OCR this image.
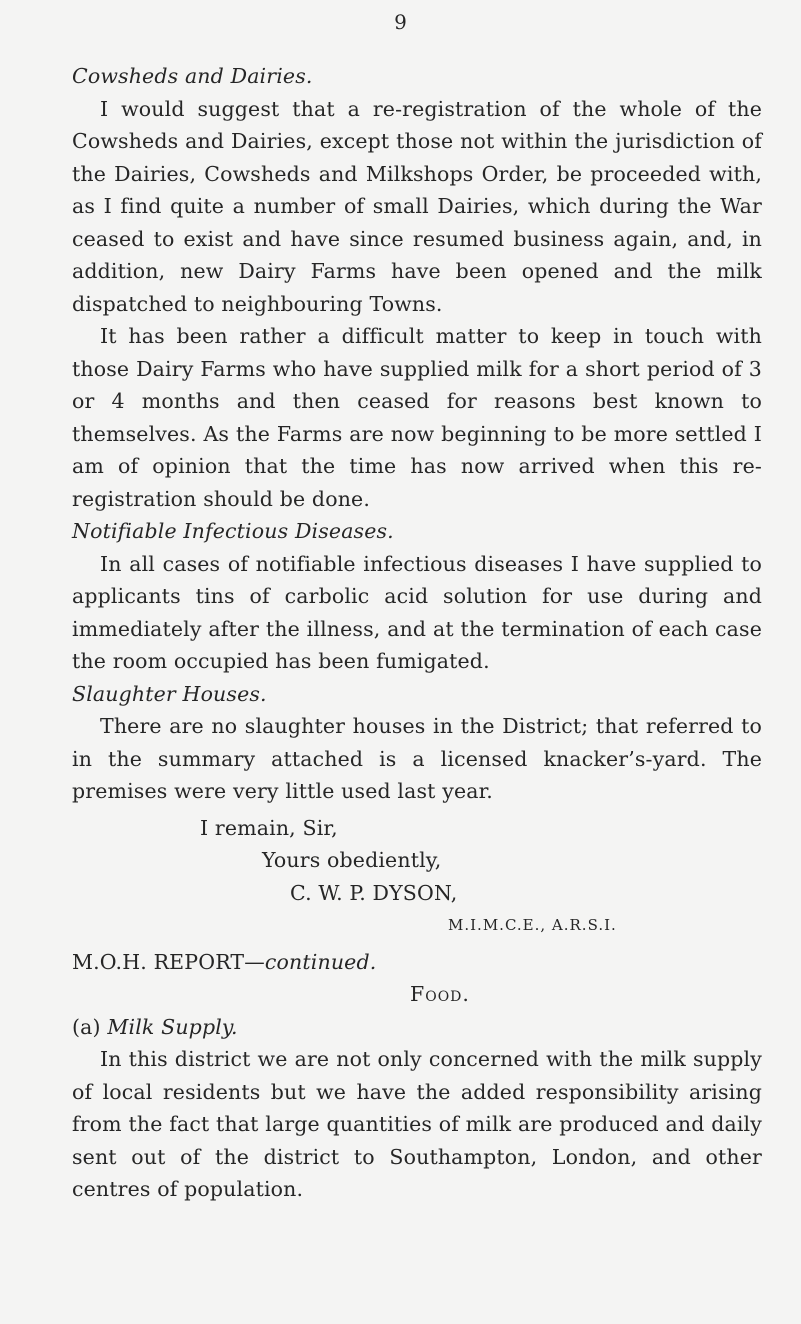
9

Cowsheds and Dairies.

I would suggest that a re-registration of the whole of the Cowsheds and Dairies, except those not within the jurisdiction of the Dairies, Cowsheds and Milkshops Order, be proceeded with, as I find quite a number of small Dairies, which during the War ceased to exist and have since resumed business again, and, in addition, new Dairy Farms have been opened and the milk dispatched to neighbouring Towns.

It has been rather a difficult matter to keep in touch with those Dairy Farms who have supplied milk for a short period of 3 or 4 months and then ceased for reasons best known to themselves. As the Farms are now beginning to be more settled I am of opinion that the time has now arrived when this re-registration should be done.

Notifiable Infectious Diseases.

In all cases of notifiable infectious diseases I have supplied to applicants tins of carbolic acid solution for use during and immediately after the illness, and at the termination of each case the room occupied has been fumigated.

Slaughter Houses.

There are no slaughter houses in the District; that referred to in the summary attached is a licensed knacker’s-yard. The premises were very little used last year.

I remain, Sir,

Yours obediently,

C. W. P. DYSON,

M.I.M.C.E., A.R.S.I.

M.O.H. REPORT—continued.

Food.

(a) Milk Supply.

In this district we are not only concerned with the milk supply of local residents but we have the added responsibility arising from the fact that large quantities of milk are produced and daily sent out of the district to Southampton, London, and other centres of population.
